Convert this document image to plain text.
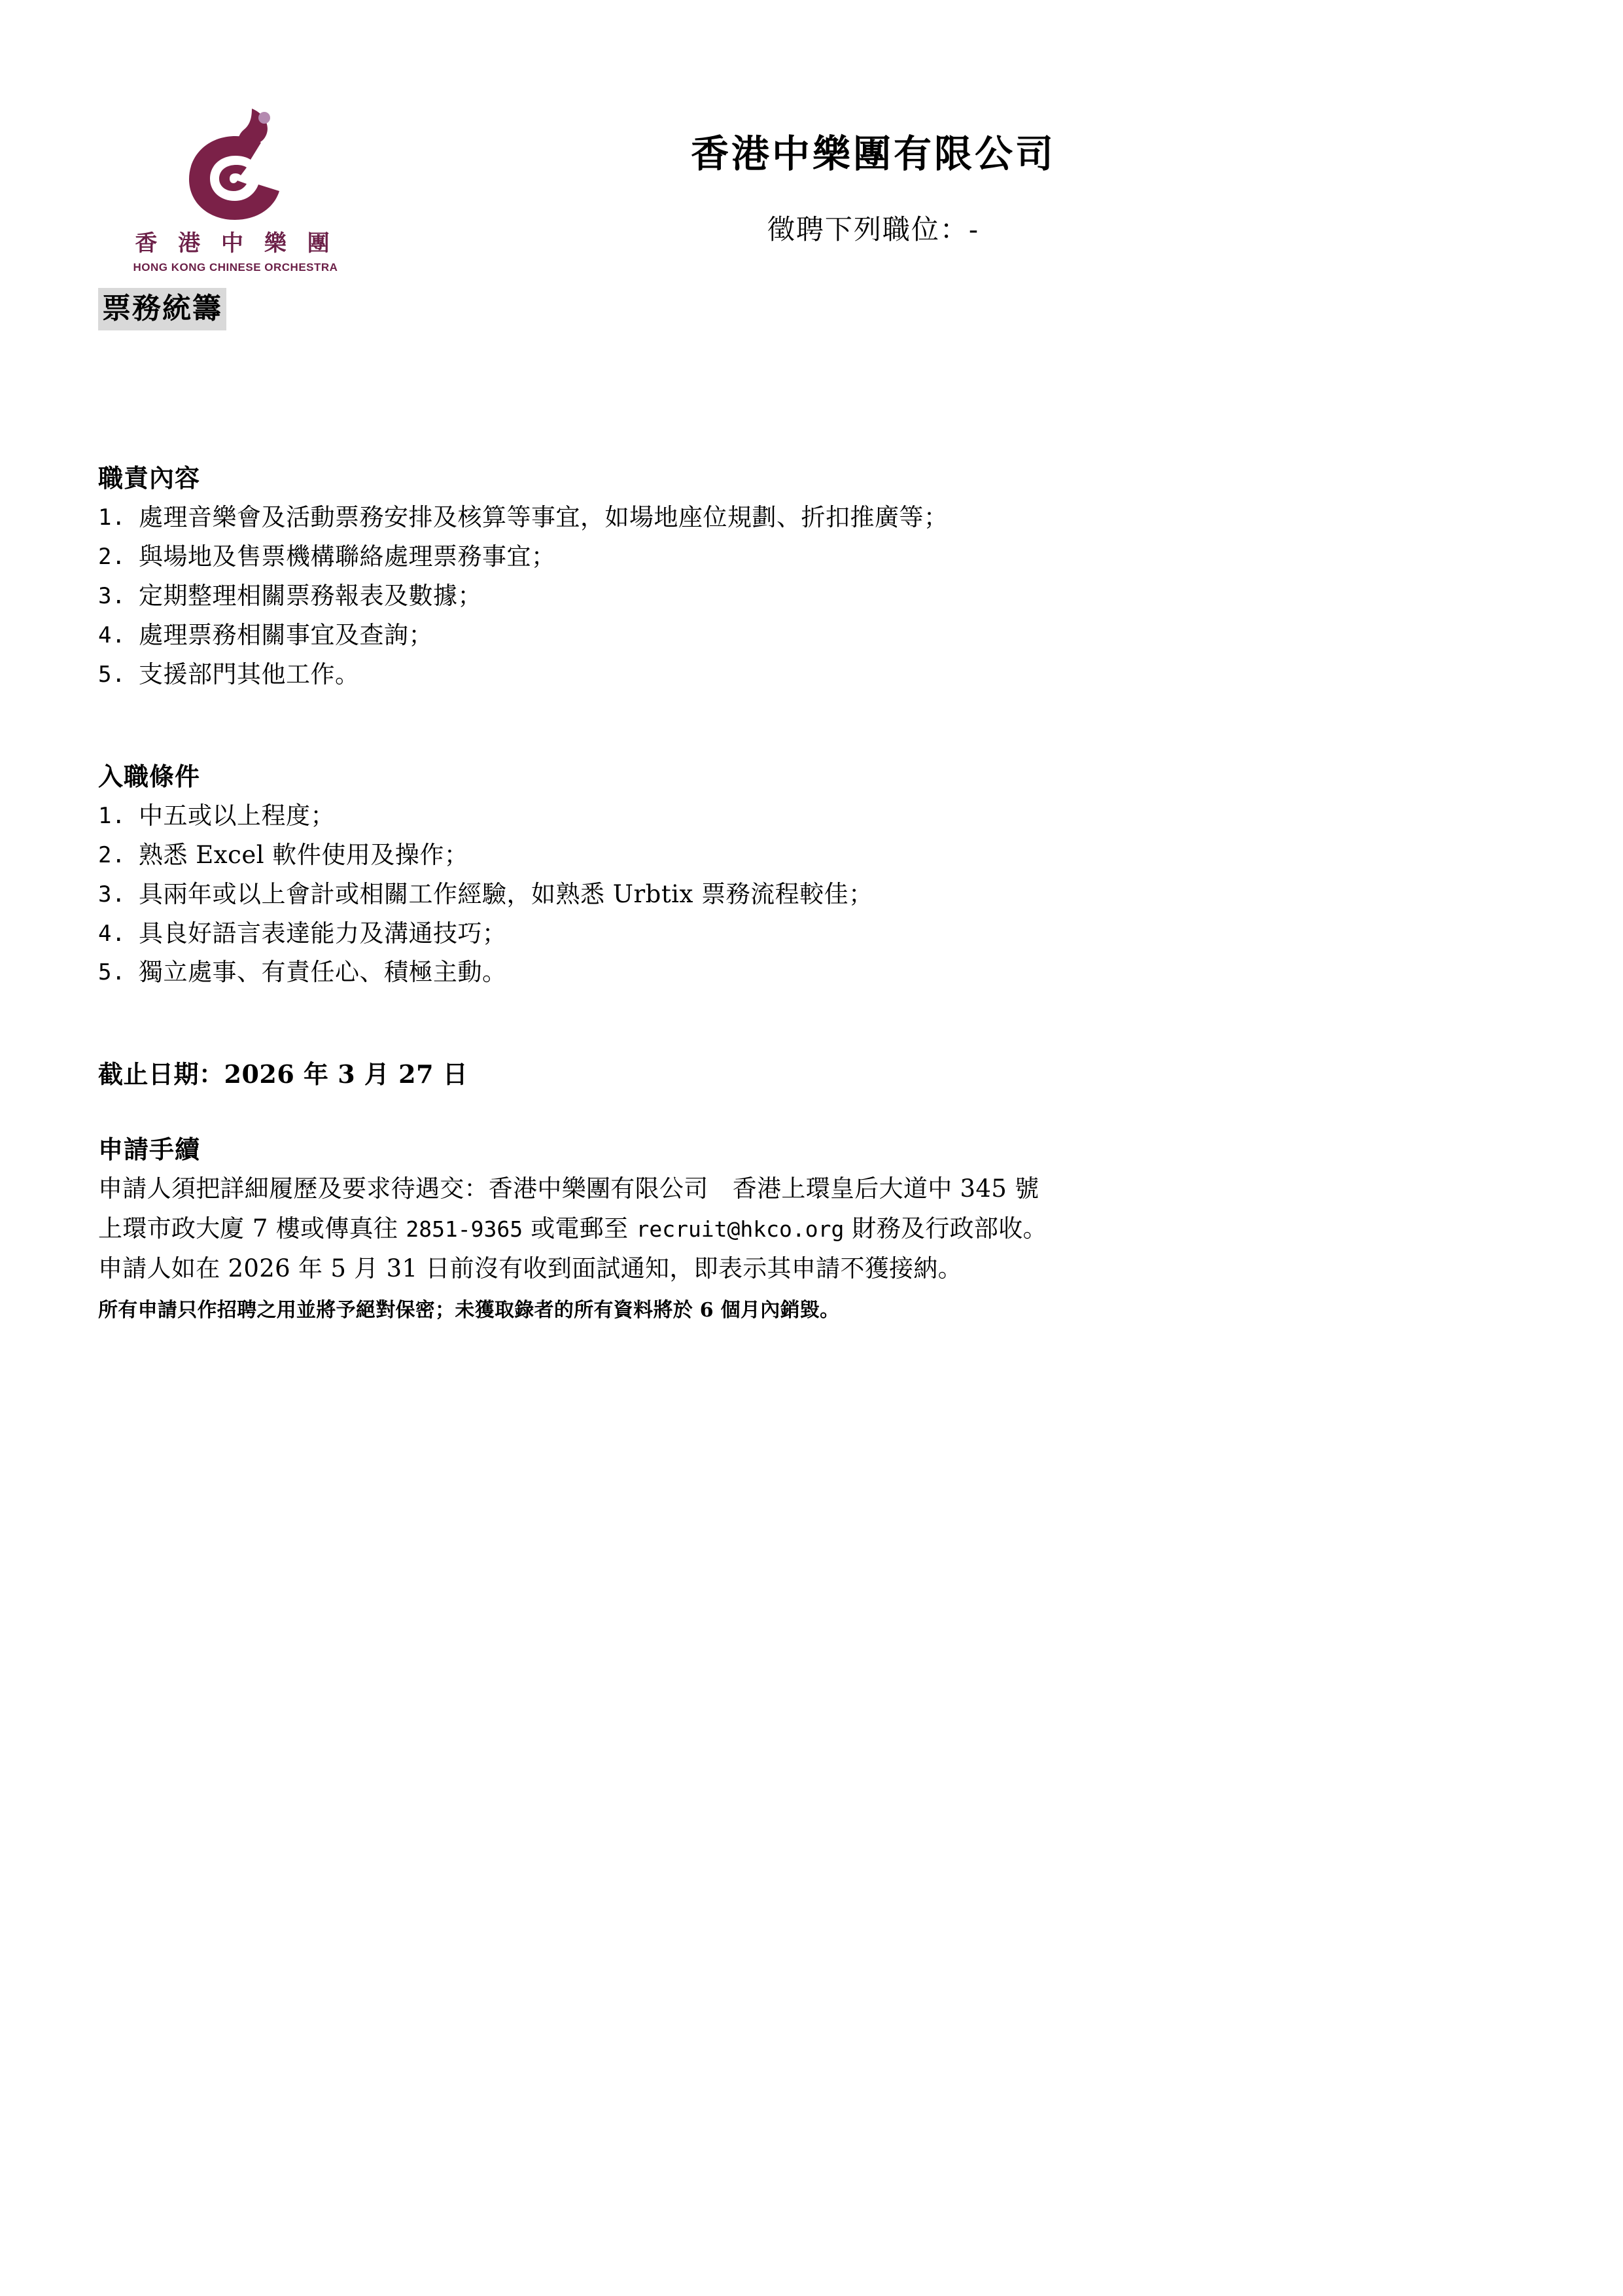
香 港 中 樂 團
HONG KONG CHINESE ORCHESTRA
香港中樂團有限公司
徵聘下列職位：-
票務統籌
職責內容
1. 處理音樂會及活動票務安排及核算等事宜，如場地座位規劃、折扣推廣等；
2. 與場地及售票機構聯絡處理票務事宜；
3. 定期整理相關票務報表及數據；
4. 處理票務相關事宜及查詢；
5. 支援部門其他工作。
入職條件
1. 中五或以上程度；
2. 熟悉 Excel 軟件使用及操作；
3. 具兩年或以上會計或相關工作經驗，如熟悉 Urbtix 票務流程較佳；
4. 具良好語言表達能力及溝通技巧；
5. 獨立處事、有責任心、積極主動。
截止日期：2026 年 3 月 27 日
申請手續
申請人須把詳細履歷及要求待遇交：香港中樂團有限公司　香港上環皇后大道中 345 號
上環市政大廈 7 樓或傳真往 2851-9365 或電郵至 recruit@hkco.org 財務及行政部收。
申請人如在 2026 年 5 月 31 日前沒有收到面試通知，即表示其申請不獲接納。
所有申請只作招聘之用並將予絕對保密；未獲取錄者的所有資料將於 6 個月內銷毀。
